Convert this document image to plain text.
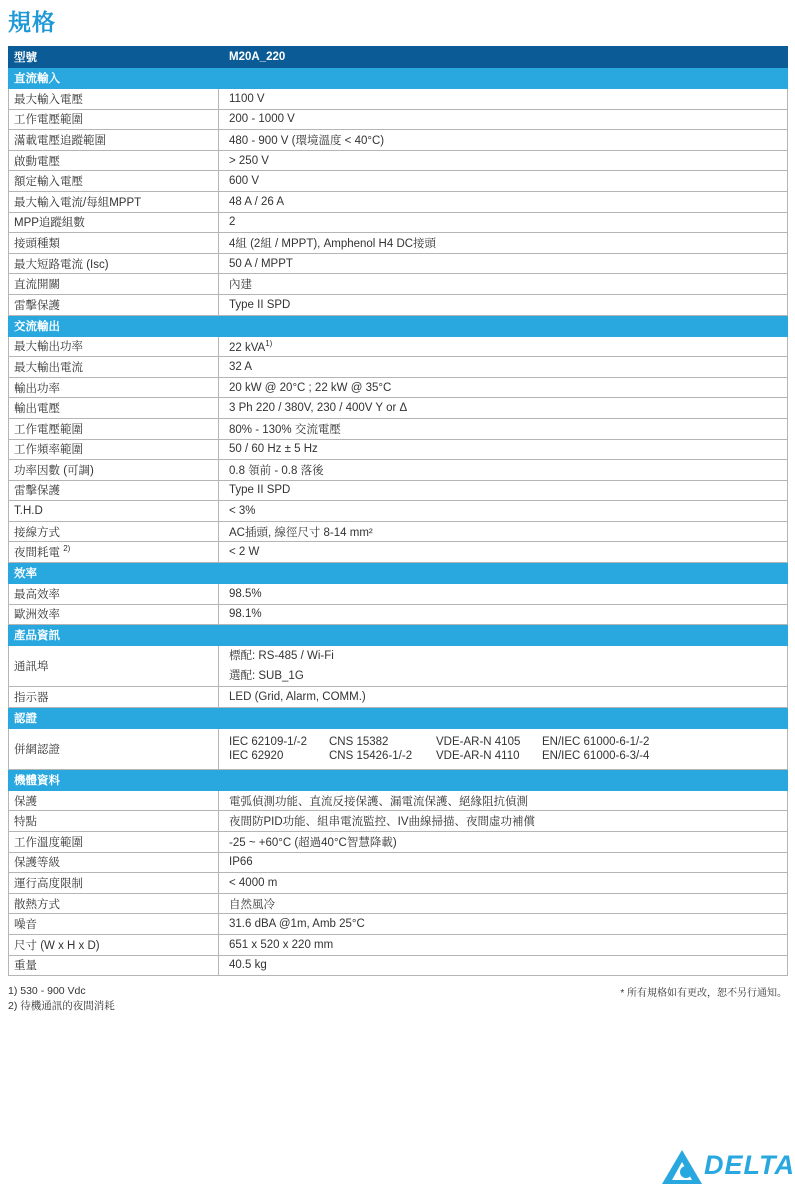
規格
型號	M20A_220
直流輸入	
最大輸入電壓	1100 V
工作電壓範圍	200 - 1000 V
滿載電壓追蹤範圍	480 - 900 V (環境溫度 < 40°C)
啟動電壓	> 250 V
額定輸入電壓	600 V
最大輸入電流/每組MPPT	48 A / 26 A
MPP追蹤組數	2
接頭種類	4組 (2組 / MPPT), Amphenol H4 DC接頭
最大短路電流 (Isc)	50 A / MPPT
直流開關	內建
雷擊保護	Type II SPD
交流輸出	
最大輸出功率	22 kVA$^{1)}$
最大輸出電流	32 A
輸出功率	20 kW @ 20°C ; 22 kW @ 35°C
輸出電壓	3 Ph 220 / 380V, 230 / 400V Y or Δ
工作電壓範圍	80% - 130% 交流電壓
工作頻率範圍	50 / 60 Hz ± 5 Hz
功率因數 (可調)	0.8 領前 - 0.8 落後
雷擊保護	Type II SPD
T.H.D	< 3%
接線方式	AC插頭, 線徑尺寸 8-14 mm²
夜間耗電 $^{2)}$	< 2 W
效率	
最高效率	98.5%
歐洲效率	98.1%
產品資訊	
通訊埠	標配: RS-485 / Wi-Fi
選配: SUB_1G

指示器	LED (Grid, Alarm, COMM.)
認證	
併網認證	IEC 62109-1/-2 CNS 15382 VDE-AR-N 4105 EN/IEC 61000-6-1/-2
IEC 62920 CNS 15426-1/-2 VDE-AR-N 4110 EN/IEC 61000-6-3/-4

機體資料	
保護	電弧偵測功能、直流反接保護、漏電流保護、絕緣阻抗偵測
特點	夜間防PID功能、組串電流監控、IV曲線掃描、夜間虛功補償
工作溫度範圍	-25 ~ +60°C (超過40°C智慧降載)
保護等級	IP66
運行高度限制	< 4000 m
散熱方式	自然風冷
噪音	31.6 dBA @1m, Amb 25°C
尺寸 (W x H x D)	651 x 520 x 220 mm
重量	40.5 kg
1) 530 - 900 Vdc
2) 待機通訊的夜間消耗
* 所有規格如有更改，恕不另行通知。
DELTA
